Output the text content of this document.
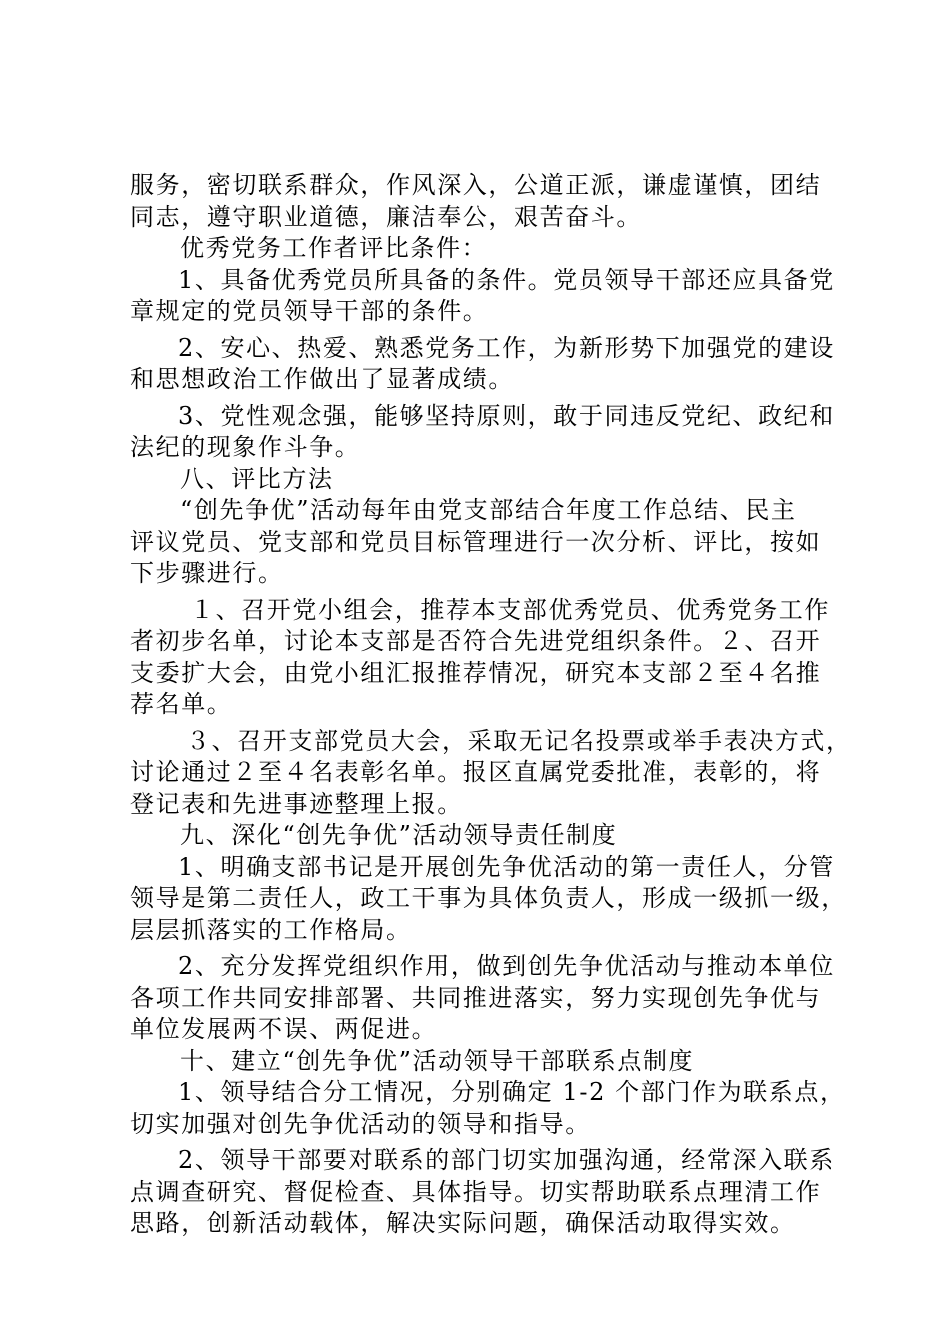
服务，密切联系群众，作风深入，公道正派，谦虚谨慎，团结
同志，遵守职业道德，廉洁奉公，艰苦奋斗。
优秀党务工作者评比条件：
1、具备优秀党员所具备的条件。党员领导干部还应具备党
章规定的党员领导干部的条件。
2、安心、热爱、熟悉党务工作，为新形势下加强党的建设
和思想政治工作做出了显著成绩。
3、党性观念强，能够坚持原则，敢于同违反党纪、政纪和
法纪的现象作斗争。
八、评比方法
“创先争优”活动每年由党支部结合年度工作总结、民主
评议党员、党支部和党员目标管理进行一次分析、评比，按如
下步骤进行。
１、召开党小组会，推荐本支部优秀党员、优秀党务工作
者初步名单，讨论本支部是否符合先进党组织条件。２、召开
支委扩大会，由党小组汇报推荐情况，研究本支部２至４名推
荐名单。
３、召开支部党员大会，采取无记名投票或举手表决方式，
讨论通过２至４名表彰名单。报区直属党委批准，表彰的，将
登记表和先进事迹整理上报。
九、深化“创先争优”活动领导责任制度
1、明确支部书记是开展创先争优活动的第一责任人，分管
领导是第二责任人，政工干事为具体负责人，形成一级抓一级，
层层抓落实的工作格局。
2、充分发挥党组织作用，做到创先争优活动与推动本单位
各项工作共同安排部署、共同推进落实，努力实现创先争优与
单位发展两不误、两促进。
十、建立“创先争优”活动领导干部联系点制度
1、领导结合分工情况，分别确定 1-2 个部门作为联系点，
切实加强对创先争优活动的领导和指导。
2、领导干部要对联系的部门切实加强沟通，经常深入联系
点调查研究、督促检查、具体指导。切实帮助联系点理清工作
思路，创新活动载体，解决实际问题，确保活动取得实效。
